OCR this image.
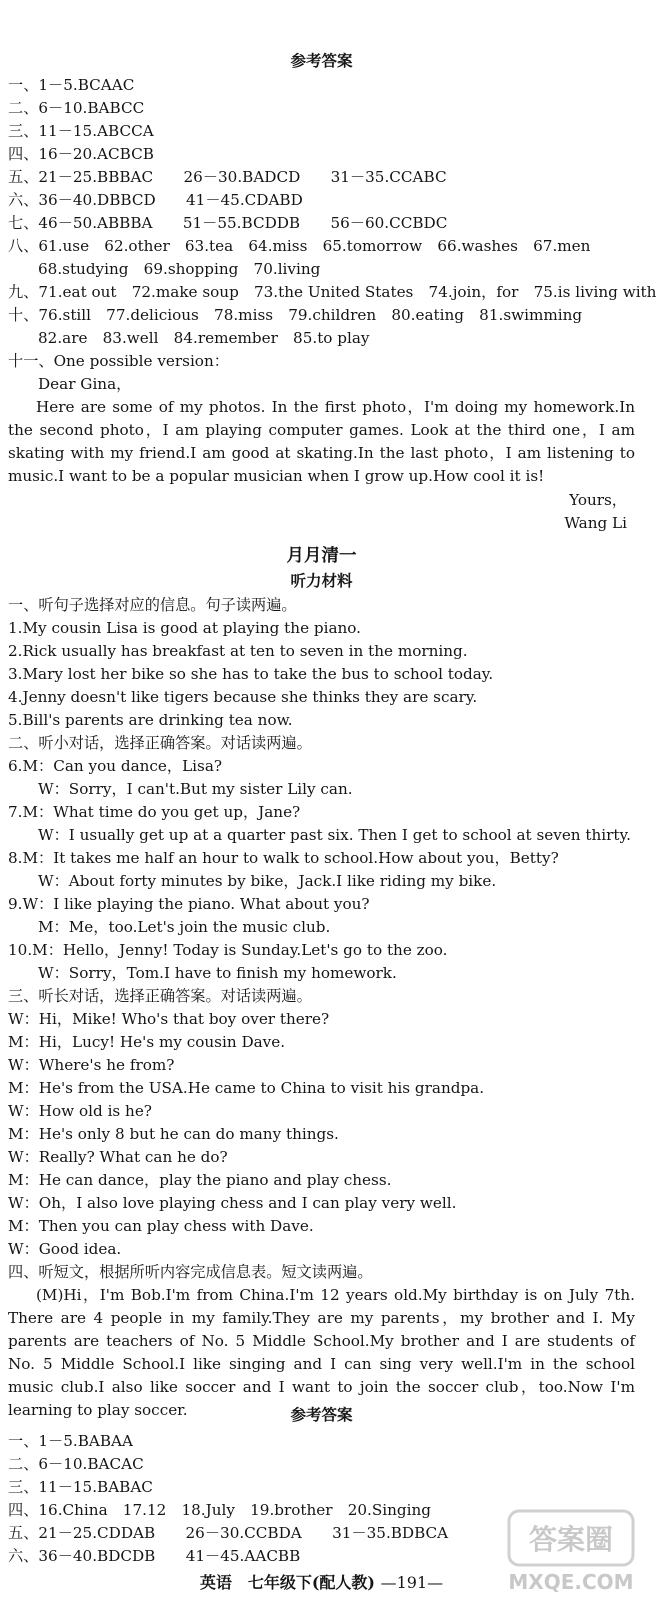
参考答案
一、1－5.BCAAC
二、6－10.BABCC
三、11－15.ABCCA
四、16－20.ACBCB
五、21－25.BBBAC　　26－30.BADCD　　31－35.CCABC
六、36－40.DBBCD　　41－45.CDABD
七、46－50.ABBBA　　51－55.BCDDB　　56－60.CCBDC
八、61.use　62.other　63.tea　64.miss　65.tomorrow　66.washes　67.men
68.studying　69.shopping　70.living
九、71.eat out　72.make soup　73.the United States　74.join，for　75.is living with
十、76.still　77.delicious　78.miss　79.children　80.eating　81.swimming
82.are　83.well　84.remember　85.to play
十一、One possible version：
Dear Gina，
Here are some of my photos. In the first photo，I'm doing my homework.In the second photo，I am playing computer games. Look at the third one，I am skating with my friend.I am good at skating.In the last photo，I am listening to music.I want to be a popular musician when I grow up.How cool it is!
Yours，
Wang Li
月月清一
听力材料
一、听句子选择对应的信息。句子读两遍。
1.My cousin Lisa is good at playing the piano.
2.Rick usually has breakfast at ten to seven in the morning.
3.Mary lost her bike so she has to take the bus to school today.
4.Jenny doesn't like tigers because she thinks they are scary.
5.Bill's parents are drinking tea now.
二、听小对话，选择正确答案。对话读两遍。
6.M：Can you dance，Lisa?
W：Sorry，I can't.But my sister Lily can.
7.M：What time do you get up，Jane?
W：I usually get up at a quarter past six. Then I get to school at seven thirty.
8.M：It takes me half an hour to walk to school.How about you，Betty?
W：About forty minutes by bike，Jack.I like riding my bike.
9.W：I like playing the piano. What about you?
M：Me，too.Let's join the music club.
10.M：Hello，Jenny! Today is Sunday.Let's go to the zoo.
W：Sorry，Tom.I have to finish my homework.
三、听长对话，选择正确答案。对话读两遍。
W：Hi，Mike! Who's that boy over there?
M：Hi，Lucy! He's my cousin Dave.
W：Where's he from?
M：He's from the USA.He came to China to visit his grandpa.
W：How old is he?
M：He's only 8 but he can do many things.
W：Really? What can he do?
M：He can dance，play the piano and play chess.
W：Oh，I also love playing chess and I can play very well.
M：Then you can play chess with Dave.
W：Good idea.
四、听短文，根据所听内容完成信息表。短文读两遍。
(M)Hi，I'm Bob.I'm from China.I'm 12 years old.My birthday is on July 7th. There are 4 people in my family.They are my parents，my brother and I. My parents are teachers of No. 5 Middle School.My brother and I are students of No. 5 Middle School.I like singing and I can sing very well.I'm in the school music club.I also like soccer and I want to join the soccer club，too.Now I'm learning to play soccer.	参考答案
一、1－5.BABAA
二、6－10.BACAC
三、11－15.BABAC
四、16.China　17.12　18.July　19.brother　20.Singing
五、21－25.CDDAB　　26－30.CCBDA　　31－35.BDBCA
六、36－40.BDCDB　　41－45.AACBB
英语　七年级下(配人教) —191—
答案圈
MXQE.COM
